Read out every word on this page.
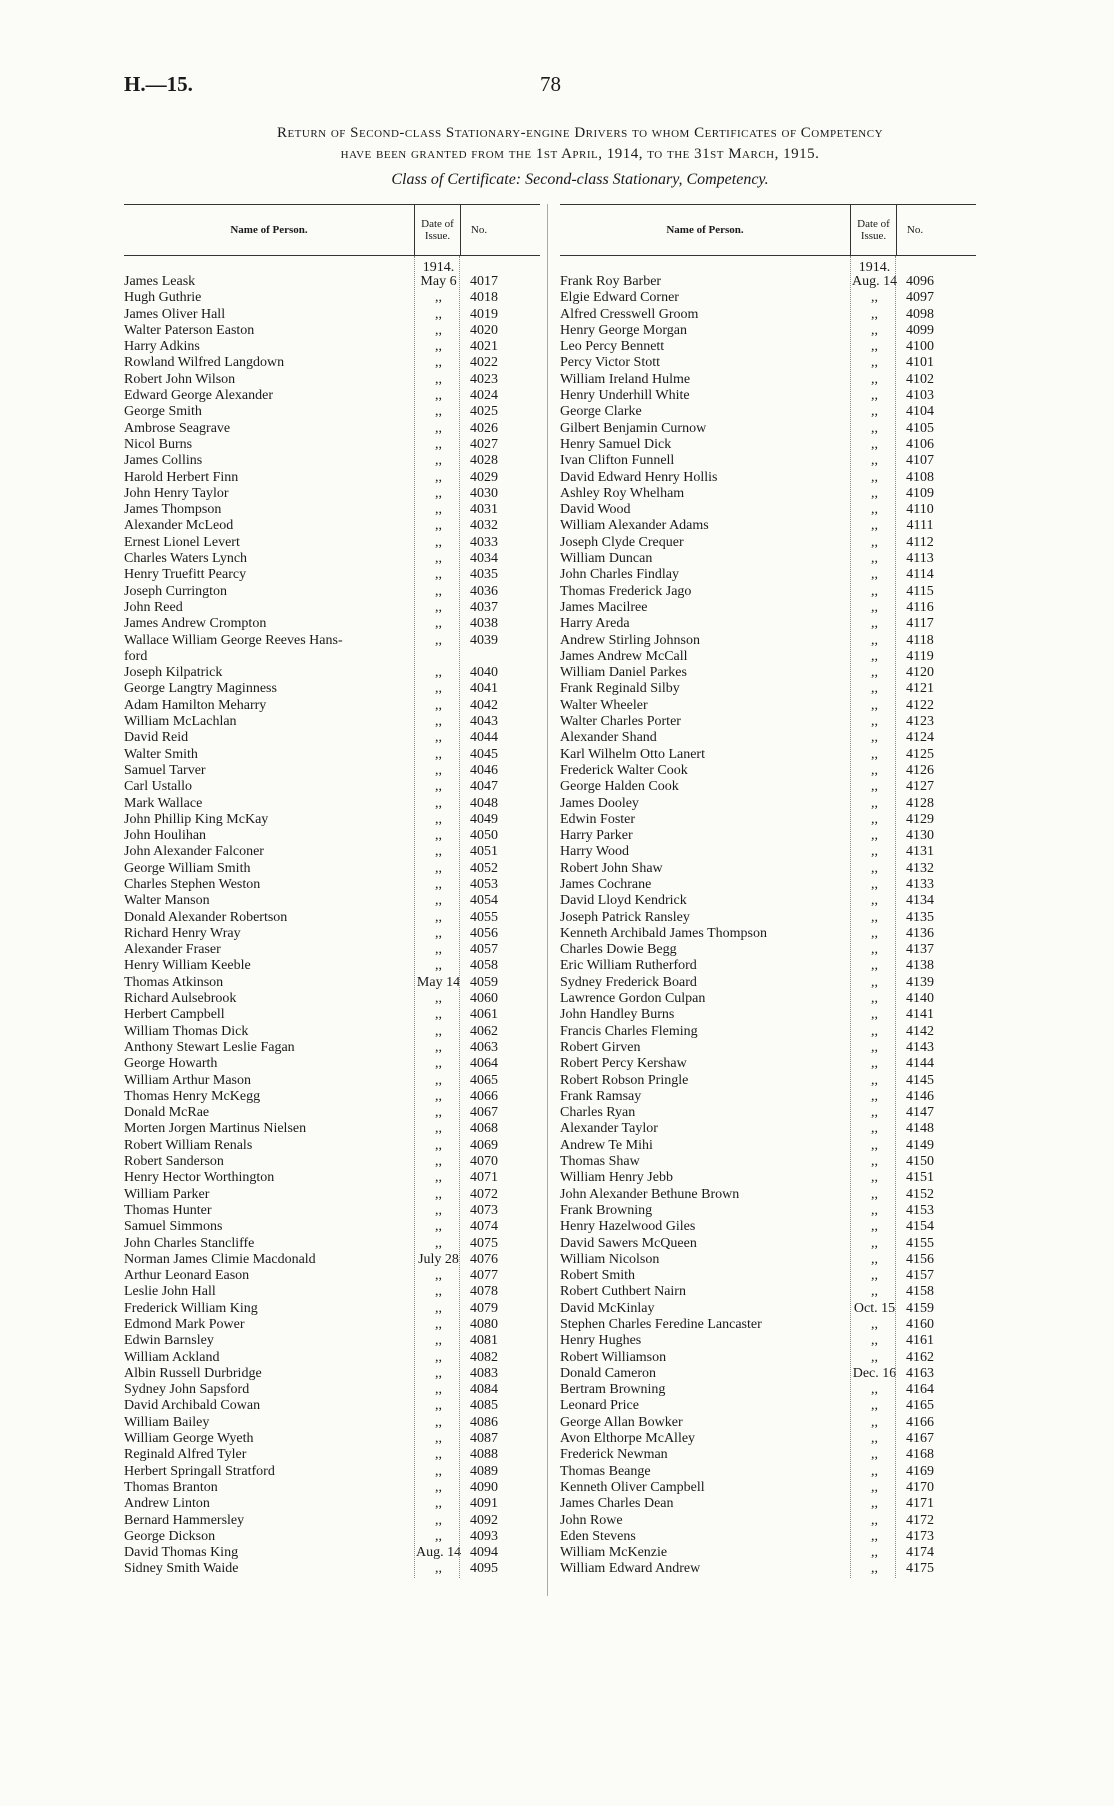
H.—15.	78
Return of Second-class Stationary-engine Drivers to whom Certificates of Competency
have been granted from the 1st April, 1914, to the 31st March, 1915.
Class of Certificate: Second-class Stationary, Competency.
Name of Person.	Date of Issue.	No.
1914.
James Leask	May 6 4017
Hugh Guthrie	,,	4018
James Oliver Hall	,,	4019
Walter Paterson Easton	,,	4020
Harry Adkins	,,	4021
Rowland Wilfred Langdown	,,	4022
Robert John Wilson	,,	4023
Edward George Alexander	,,	4024
George Smith	,,	4025
Ambrose Seagrave	,,	4026
Nicol Burns	,,	4027
James Collins	,,	4028
Harold Herbert Finn	,,	4029
John Henry Taylor	,,	4030
James Thompson	,,	4031
Alexander McLeod	,,	4032
Ernest Lionel Levert	,,	4033
Charles Waters Lynch	,,	4034
Henry Truefitt Pearcy	,,	4035
Joseph Currington	,,	4036
John Reed	,,	4037
James Andrew Crompton	,,	4038
Wallace William George Reeves Hans-	,,	4039
ford
Joseph Kilpatrick	,,	4040
George Langtry Maginness	,,	4041
Adam Hamilton Meharry	,,	4042
William McLachlan	,,	4043
David Reid	,,	4044
Walter Smith	,,	4045
Samuel Tarver	,,	4046
Carl Ustallo	,,	4047
Mark Wallace	,,	4048
John Phillip King McKay	,,	4049
John Houlihan	,,	4050
John Alexander Falconer	,,	4051
George William Smith	,,	4052
Charles Stephen Weston	,,	4053
Walter Manson	,,	4054
Donald Alexander Robertson	,,	4055
Richard Henry Wray	,,	4056
Alexander Fraser	,,	4057
Henry William Keeble	,,	4058
Thomas Atkinson	May 14 4059
Richard Aulsebrook	,,	4060
Herbert Campbell	,,	4061
William Thomas Dick	,,	4062
Anthony Stewart Leslie Fagan	,,	4063
George Howarth	,,	4064
William Arthur Mason	,,	4065
Thomas Henry McKegg	,,	4066
Donald McRae	,,	4067
Morten Jorgen Martinus Nielsen	,,	4068
Robert William Renals	,,	4069
Robert Sanderson	,,	4070
Henry Hector Worthington	,,	4071
William Parker	,,	4072
Thomas Hunter	,,	4073
Samuel Simmons	,,	4074
John Charles Stancliffe	,,	4075
Norman James Climie Macdonald	July 28 4076
Arthur Leonard Eason	,,	4077
Leslie John Hall	,,	4078
Frederick William King	,,	4079
Edmond Mark Power	,,	4080
Edwin Barnsley	,,	4081
William Ackland	,,	4082
Albin Russell Durbridge	,,	4083
Sydney John Sapsford	,,	4084
David Archibald Cowan	,,	4085
William Bailey	,,	4086
William George Wyeth	,,	4087
Reginald Alfred Tyler	,,	4088
Herbert Springall Stratford	,,	4089
Thomas Branton	,,	4090
Andrew Linton	,,	4091
Bernard Hammersley	,,	4092
George Dickson	,,	4093
David Thomas King	Aug. 14 4094
Sidney Smith Waide	,,	4095
Name of Person.	Date of Issue.	No.
1914.
Frank Roy Barber	Aug. 14 4096
Elgie Edward Corner	,,	4097
Alfred Cresswell Groom	,,	4098
Henry George Morgan	,,	4099
Leo Percy Bennett	,,	4100
Percy Victor Stott	,,	4101
William Ireland Hulme	,,	4102
Henry Underhill White	,,	4103
George Clarke	,,	4104
Gilbert Benjamin Curnow	,,	4105
Henry Samuel Dick	,,	4106
Ivan Clifton Funnell	,,	4107
David Edward Henry Hollis	,,	4108
Ashley Roy Whelham	,,	4109
David Wood	,,	4110
William Alexander Adams	,,	4111
Joseph Clyde Crequer	,,	4112
William Duncan	,,	4113
John Charles Findlay	,,	4114
Thomas Frederick Jago	,,	4115
James Macilree	,,	4116
Harry Areda	,,	4117
Andrew Stirling Johnson	,,	4118
James Andrew McCall	,,	4119
William Daniel Parkes	,,	4120
Frank Reginald Silby	,,	4121
Walter Wheeler	,,	4122
Walter Charles Porter	,,	4123
Alexander Shand	,,	4124
Karl Wilhelm Otto Lanert	,,	4125
Frederick Walter Cook	,,	4126
George Halden Cook	,,	4127
James Dooley	,,	4128
Edwin Foster	,,	4129
Harry Parker	,,	4130
Harry Wood	,,	4131
Robert John Shaw	,,	4132
James Cochrane	,,	4133
David Lloyd Kendrick	,,	4134
Joseph Patrick Ransley	,,	4135
Kenneth Archibald James Thompson	,,	4136
Charles Dowie Begg	,,	4137
Eric William Rutherford	,,	4138
Sydney Frederick Board	,,	4139
Lawrence Gordon Culpan	,,	4140
John Handley Burns	,,	4141
Francis Charles Fleming	,,	4142
Robert Girven	,,	4143
Robert Percy Kershaw	,,	4144
Robert Robson Pringle	,,	4145
Frank Ramsay	,,	4146
Charles Ryan	,,	4147
Alexander Taylor	,,	4148
Andrew Te Mihi	,,	4149
Thomas Shaw	,,	4150
William Henry Jebb	,,	4151
John Alexander Bethune Brown	,,	4152
Frank Browning	,,	4153
Henry Hazelwood Giles	,,	4154
David Sawers McQueen	,,	4155
William Nicolson	,,	4156
Robert Smith	,,	4157
Robert Cuthbert Nairn	,,	4158
David McKinlay	Oct. 15 4159
Stephen Charles Feredine Lancaster	,,	4160
Henry Hughes	,,	4161
Robert Williamson	,,	4162
Donald Cameron	Dec. 16 4163
Bertram Browning	,,	4164
Leonard Price	,,	4165
George Allan Bowker	,,	4166
Avon Elthorpe McAlley	,,	4167
Frederick Newman	,,	4168
Thomas Beange	,,	4169
Kenneth Oliver Campbell	,,	4170
James Charles Dean	,,	4171
John Rowe	,,	4172
Eden Stevens	,,	4173
William McKenzie	,,	4174
William Edward Andrew	,,	4175
